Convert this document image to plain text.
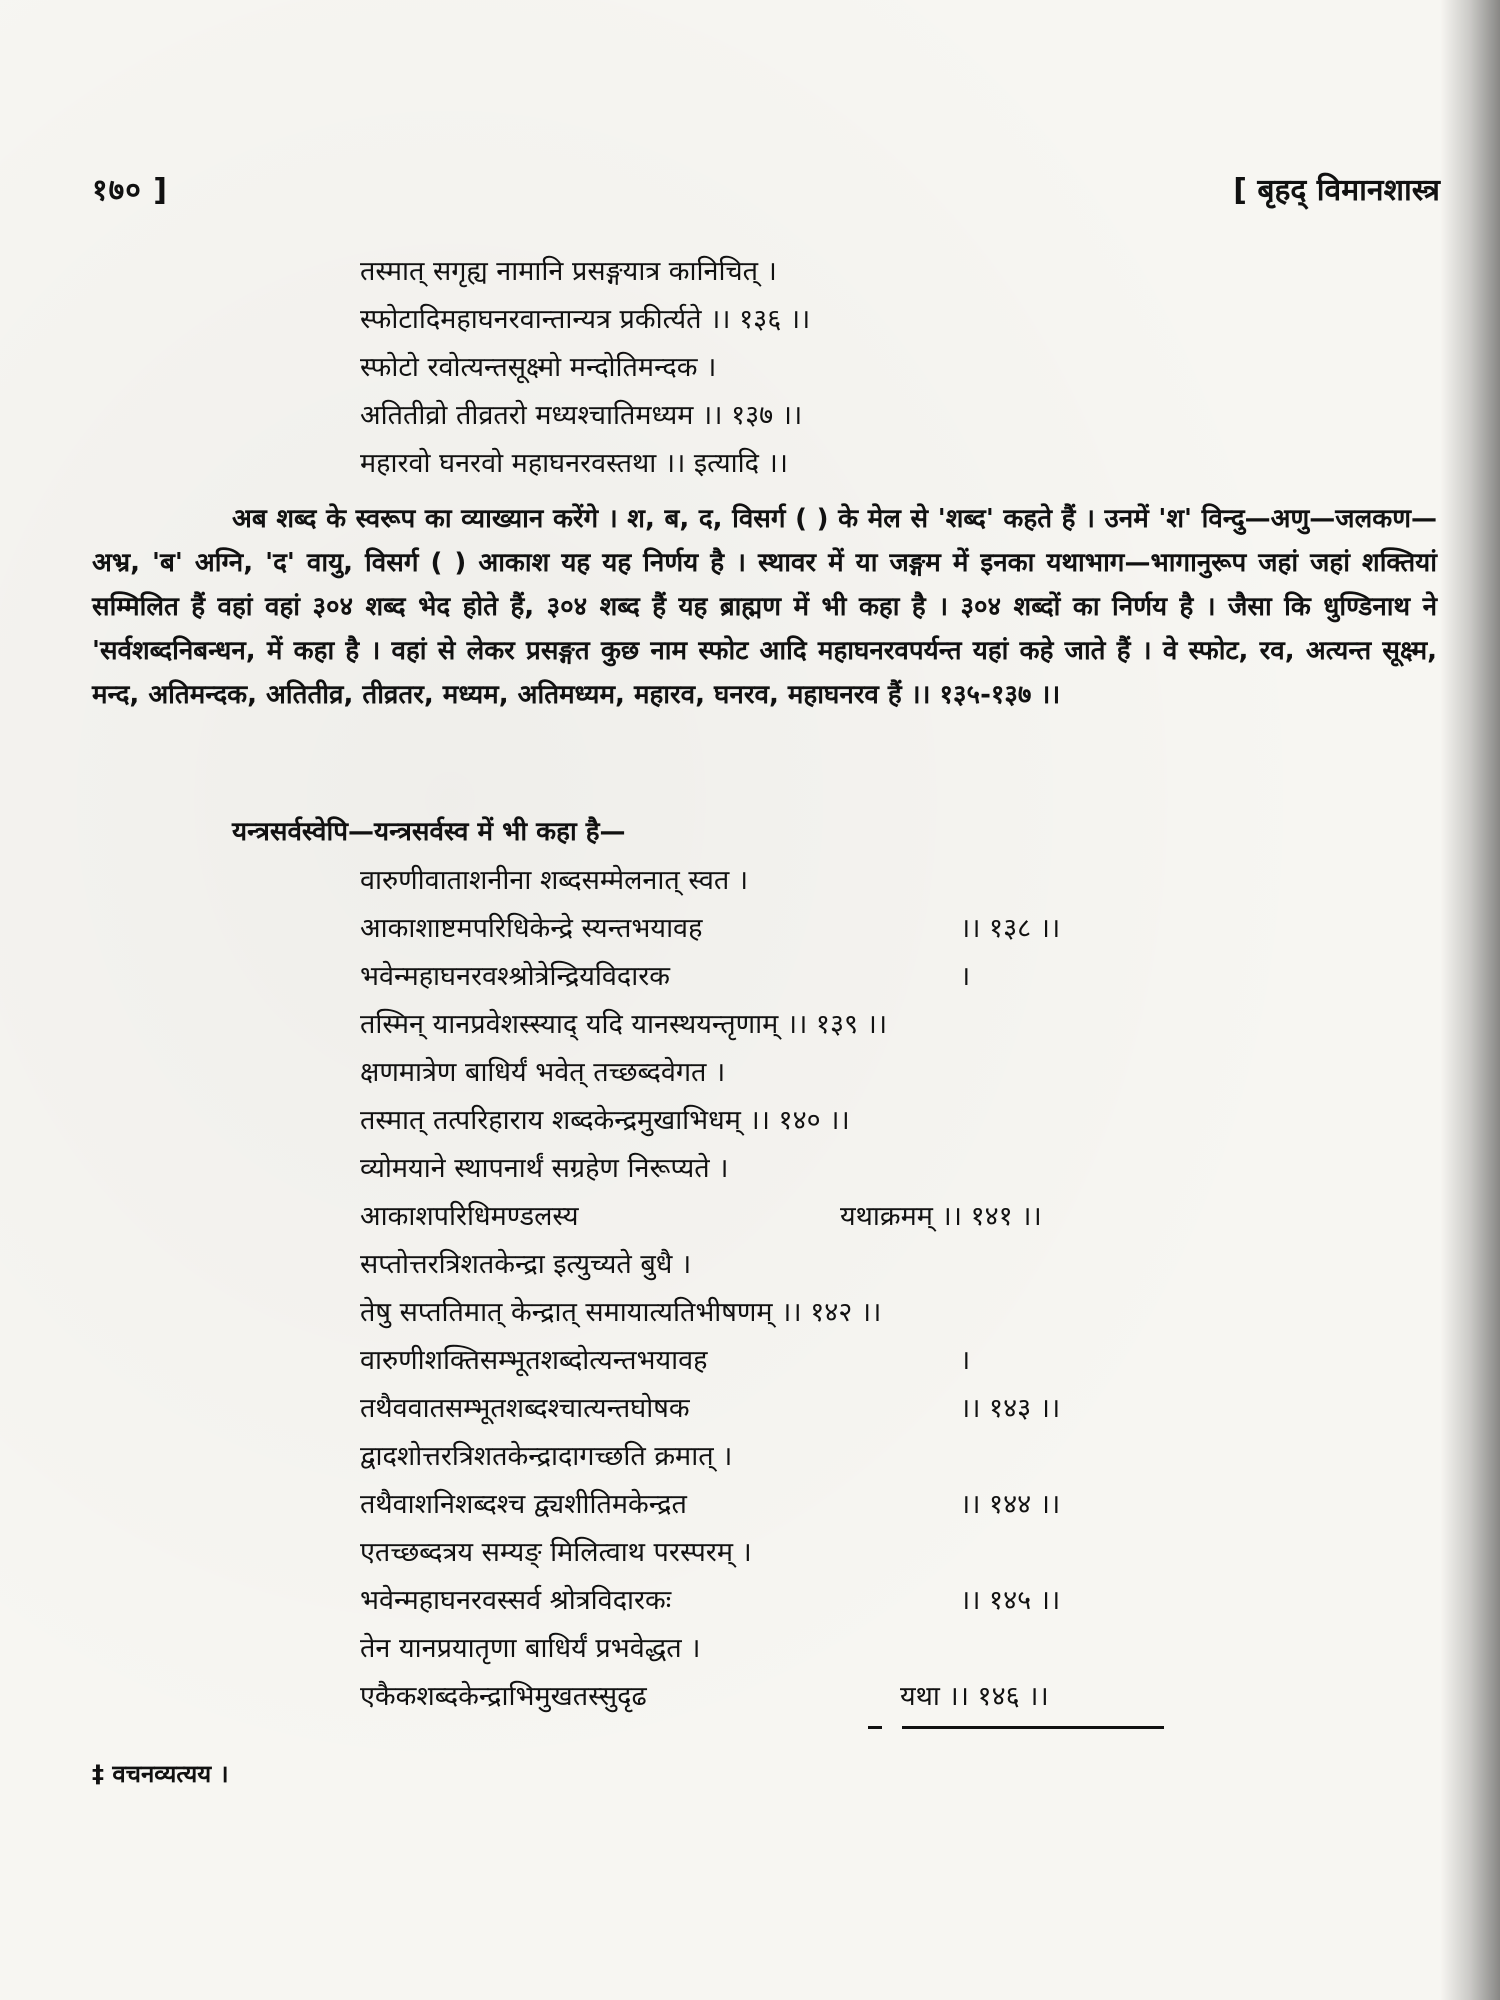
१७० ]	[ बृहद् विमानशास्त्र
तस्मात् सगृह्य नामानि प्रसङ्गयात्र कानिचित् ।
स्फोटादिमहाघनरवान्तान्यत्र प्रकीर्त्यते ।। १३६ ।।
स्फोटो रवोत्यन्तसूक्ष्मो मन्दोतिमन्दक ।
अतितीव्रो तीव्रतरो मध्यश्चातिमध्यम ।। १३७ ।।
महारवो घनरवो महाघनरवस्तथा ।। इत्यादि ।।
अब शब्द के स्वरूप का व्याख्यान करेंगे । श, ब, द, विसर्ग ( ) के मेल से 'शब्द' कहते हैं । उनमें 'श' विन्दु—अणु—जलकण—अभ्र, 'ब' अग्नि, 'द' वायु, विसर्ग ( ) आकाश यह यह निर्णय है । स्थावर में या जङ्गम में इनका यथाभाग—भागानुरूप जहां जहां शक्तियां सम्मिलित हैं वहां वहां ३०४ शब्द भेद होते हैं, ३०४ शब्द हैं यह ब्राह्मण में भी कहा है । ३०४ शब्दों का निर्णय है । जैसा कि धुण्डिनाथ ने 'सर्वशब्दनिबन्धन, में कहा है । वहां से लेकर प्रसङ्गत कुछ नाम स्फोट आदि महाघनरवपर्यन्त यहां कहे जाते हैं । वे स्फोट, रव, अत्यन्त सूक्ष्म, मन्द, अतिमन्दक, अतितीव्र, तीव्रतर, मध्यम, अतिमध्यम, महारव, घनरव, महाघनरव हैं ।। १३५-१३७ ।।
यन्त्रसर्वस्वेपि—यन्त्रसर्वस्व में भी कहा है—
वारुणीवाताशनीना शब्दसम्मेलनात् स्वत ।
आकाशाष्टमपरिधिकेन्द्रे स्यन्तभयावह	।। १३८ ।।
भवेन्महाघनरवश्श्रोत्रेन्द्रियविदारक	।
तस्मिन् यानप्रवेशस्स्याद् यदि यानस्थयन्तृणाम् ।। १३९ ।।
क्षणमात्रेण बाधिर्यं भवेत् तच्छब्दवेगत ।
तस्मात् तत्परिहाराय शब्दकेन्द्रमुखाभिधम् ।। १४० ।।
व्योमयाने स्थापनार्थं सग्रहेण निरूप्यते ।
आकाशपरिधिमण्डलस्य	यथाक्रमम् ।। १४१ ।।
सप्तोत्तरत्रिशतकेन्द्रा इत्युच्यते बुधै ।
तेषु सप्ततिमात् केन्द्रात् समायात्यतिभीषणम् ।। १४२ ।।
वारुणीशक्तिसम्भूतशब्दोत्यन्तभयावह	।
तथैववातसम्भूतशब्दश्चात्यन्तघोषक	।। १४३ ।।
द्वादशोत्तरत्रिशतकेन्द्रादागच्छति क्रमात् ।
तथैवाशनिशब्दश्च द्व्यशीतिमकेन्द्रत	।। १४४ ।।
एतच्छब्दत्रय सम्यङ् मिलित्वाथ परस्परम् ।
भवेन्महाघनरवस्सर्व श्रोत्रविदारकः	।। १४५ ।।
तेन यानप्रयातृणा बाधिर्यं प्रभवेद्धत ।
एकैकशब्दकेन्द्राभिमुखतस्सुदृढ	यथा ।। १४६ ।।
‡ वचनव्यत्यय ।
